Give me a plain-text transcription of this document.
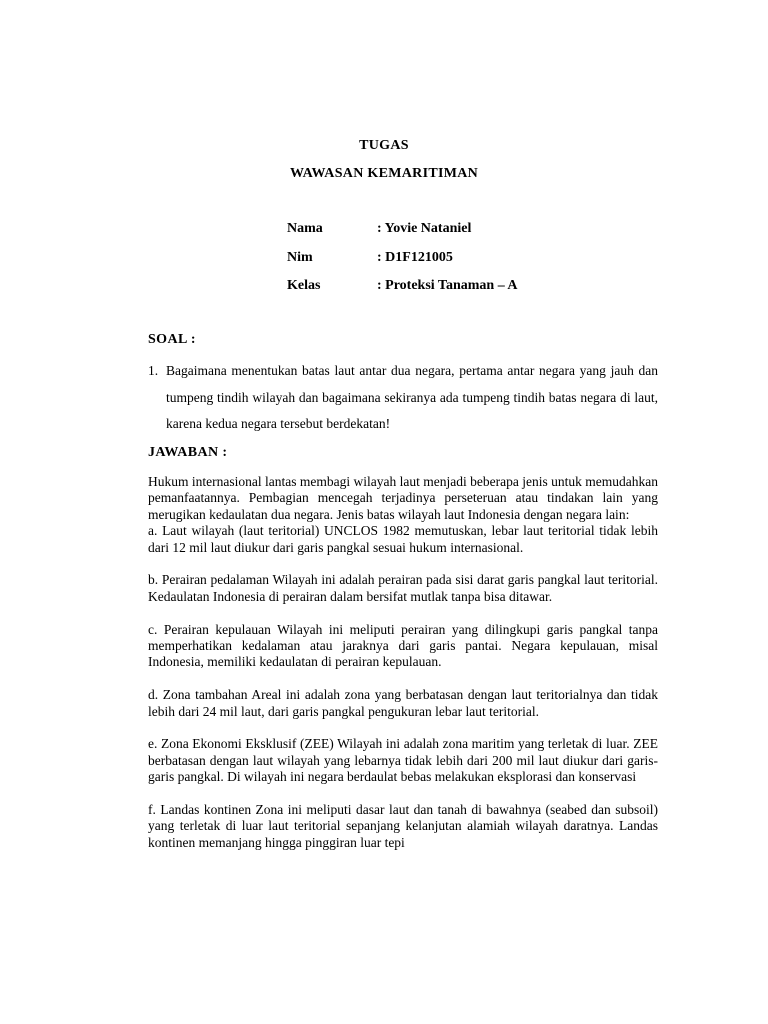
TUGAS
WAWASAN KEMARITIMAN
Nama	: Yovie Nataniel
Nim	: D1F121005
Kelas	: Proteksi Tanaman – A
SOAL :
1. Bagaimana menentukan batas laut antar dua negara, pertama antar negara yang jauh dan tumpeng tindih wilayah dan bagaimana sekiranya ada tumpeng tindih batas negara di laut, karena kedua negara tersebut berdekatan!
JAWABAN :

Hukum internasional lantas membagi wilayah laut menjadi beberapa jenis untuk memudahkan pemanfaatannya. Pembagian mencegah terjadinya perseteruan atau tindakan lain yang merugikan kedaulatan dua negara. Jenis batas wilayah laut Indonesia dengan negara lain:

a. Laut wilayah (laut teritorial) UNCLOS 1982 memutuskan, lebar laut teritorial tidak lebih dari 12 mil laut diukur dari garis pangkal sesuai hukum internasional.

b. Perairan pedalaman Wilayah ini adalah perairan pada sisi darat garis pangkal laut teritorial. Kedaulatan Indonesia di perairan dalam bersifat mutlak tanpa bisa ditawar.

c. Perairan kepulauan Wilayah ini meliputi perairan yang dilingkupi garis pangkal tanpa memperhatikan kedalaman atau jaraknya dari garis pantai. Negara kepulauan, misal Indonesia, memiliki kedaulatan di perairan kepulauan.

d. Zona tambahan Areal ini adalah zona yang berbatasan dengan laut teritorialnya dan tidak lebih dari 24 mil laut, dari garis pangkal pengukuran lebar laut teritorial.

e. Zona Ekonomi Eksklusif (ZEE) Wilayah ini adalah zona maritim yang terletak di luar. ZEE berbatasan dengan laut wilayah yang lebarnya tidak lebih dari 200 mil laut diukur dari garis-garis pangkal. Di wilayah ini negara berdaulat bebas melakukan eksplorasi dan konservasi

f. Landas kontinen Zona ini meliputi dasar laut dan tanah di bawahnya (seabed dan subsoil) yang terletak di luar laut teritorial sepanjang kelanjutan alamiah wilayah daratnya. Landas kontinen memanjang hingga pinggiran luar tepi
